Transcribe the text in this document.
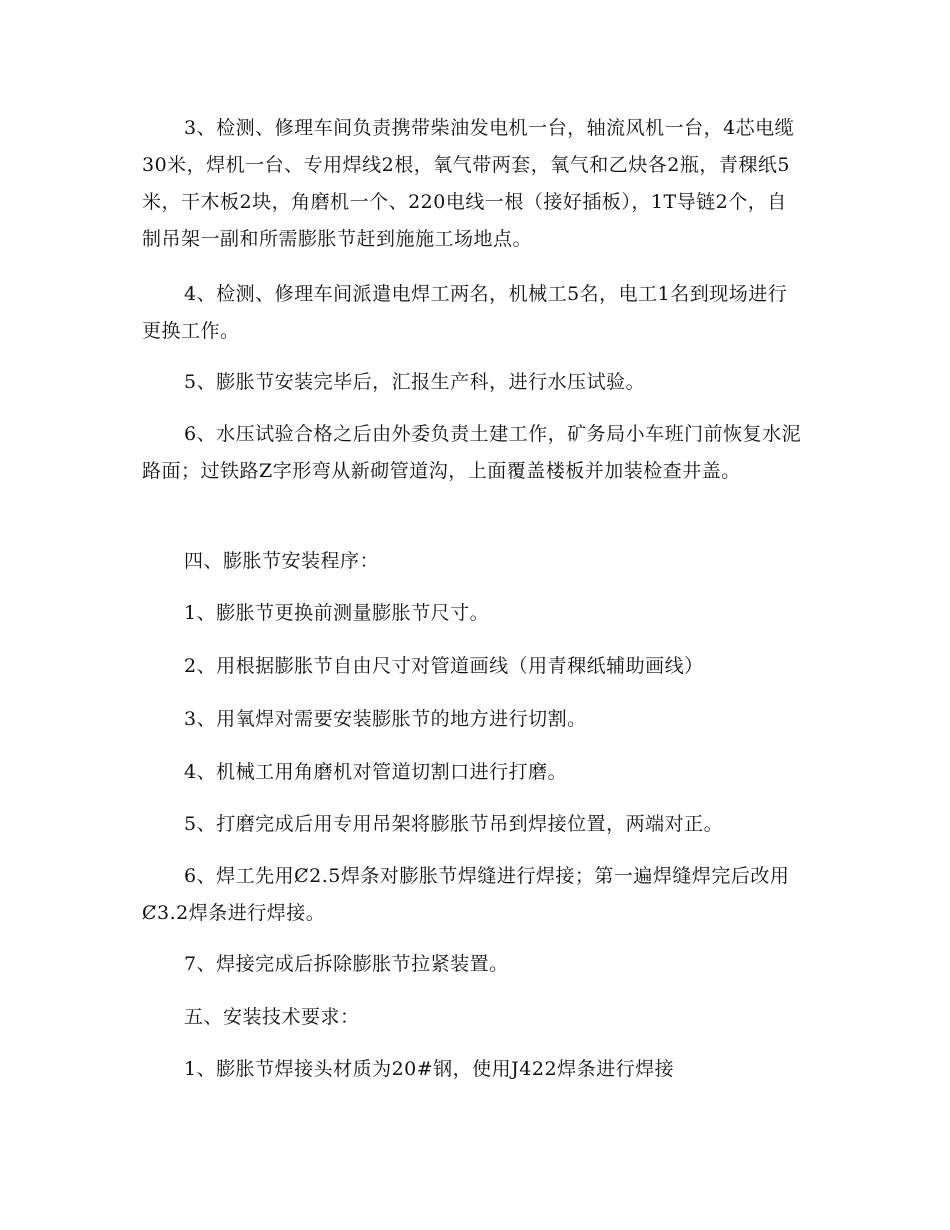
3、检测、修理车间负责携带柴油发电机一台，轴流风机一台，4芯电缆30米，焊机一台、专用焊线2根，氧气带两套，氧气和乙炔各2瓶，青稞纸5米，干木板2块，角磨机一个、220电线一根（接好插板），1T导链2个，自制吊架一副和所需膨胀节赶到施施工场地点。

4、检测、修理车间派遣电焊工两名，机械工5名，电工1名到现场进行更换工作。

5、膨胀节安装完毕后，汇报生产科，进行水压试验。

6、水压试验合格之后由外委负责土建工作，矿务局小车班门前恢复水泥路面；过铁路Z字形弯从新砌管道沟，上面覆盖楼板并加装检查井盖。

四、膨胀节安装程序：

1、膨胀节更换前测量膨胀节尺寸。

2、用根据膨胀节自由尺寸对管道画线（用青稞纸辅助画线）

3、用氧焊对需要安装膨胀节的地方进行切割。

4、机械工用角磨机对管道切割口进行打磨。

5、打磨完成后用专用吊架将膨胀节吊到焊接位置，两端对正。

6、焊工先用Ȼ2.5焊条对膨胀节焊缝进行焊接；第一遍焊缝焊完后改用Ȼ3.2焊条进行焊接。

7、焊接完成后拆除膨胀节拉紧装置。

五、安装技术要求：

1、膨胀节焊接头材质为20#钢，使用J422焊条进行焊接
